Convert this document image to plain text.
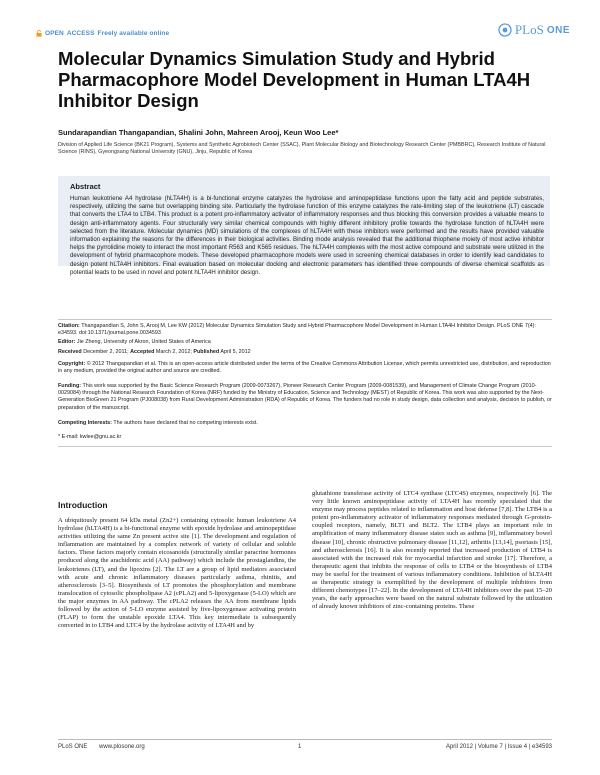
OPEN ACCESS Freely available online	PLoS ONE
Molecular Dynamics Simulation Study and Hybrid Pharmacophore Model Development in Human LTA4H Inhibitor Design
Sundarapandian Thangapandian, Shalini John, Mahreen Arooj, Keun Woo Lee*
Division of Applied Life Science (BK21 Program), Systems and Synthetic Agrobiotech Center (SSAC), Plant Molecular Biology and Biotechnology Research Center (PMBBRC), Research Institute of Natural Science (RINS), Gyeongsang National University (GNU), Jinju, Republic of Korea
Abstract
Human leukotriene A4 hydrolase (hLTA4H) is a bi-functional enzyme catalyzes the hydrolase and aminopeptidase functions upon the fatty acid and peptide substrates, respectively, utilizing the same but overlapping binding site. Particularly the hydrolase function of this enzyme catalyzes the rate-limiting step of the leukotriene (LT) cascade that converts the LTA4 to LTB4. This product is a potent pro-inflammatory activator of inflammatory responses and thus blocking this conversion provides a valuable means to design anti-inflammatory agents. Four structurally very similar chemical compounds with highly different inhibitory profile towards the hydrolase function of hLTA4H were selected from the literature. Molecular dynamics (MD) simulations of the complexes of hLTA4H with these inhibitors were performed and the results have provided valuable information explaining the reasons for the differences in their biological activities. Binding mode analysis revealed that the additional thiophene moiety of most active inhibitor helps the pyrrolidine moiety to interact the most important R563 and K565 residues. The hLTA4H complexes with the most active compound and substrate were utilized in the development of hybrid pharmacophore models. These developed pharmacophore models were used in screening chemical databases in order to identify lead candidates to design potent hLTA4H inhibitors. Final evaluation based on molecular docking and electronic parameters has identified three compounds of diverse chemical scaffolds as potential leads to be used in novel and potent hLTA4H inhibitor design.
Citation: Thangapandian S, John S, Arooj M, Lee KW (2012) Molecular Dynamics Simulation Study and Hybrid Pharmacophore Model Development in Human LTA4H Inhibitor Design. PLoS ONE 7(4): e34593. doi:10.1371/journal.pone.0034593
Editor: Jie Zheng, University of Akron, United States of America
Received December 2, 2011; Accepted March 2, 2012; Published April 5, 2012
Copyright: © 2012 Thangapandian et al. This is an open-access article distributed under the terms of the Creative Commons Attribution License, which permits unrestricted use, distribution, and reproduction in any medium, provided the original author and source are credited.
Funding: This work was supported by the Basic Science Research Program (2009-0073267), Pioneer Research Center Program (2009-0081539), and Management of Climate Change Program (2010-0029084) through the National Research Foundation of Korea (NRF) funded by the Ministry of Education, Science and Technology (MEST) of Republic of Korea. This work was also supported by the Next-Generation BioGreen 21 Program (PJ008038) from Rural Development Administration (RDA) of Republic of Korea. The funders had no role in study design, data collection and analysis, decision to publish, or preparation of the manuscript.
Competing Interests: The authors have declared that no competing interests exist.
* E-mail: kwlee@gnu.ac.kr
Introduction
A ubiquitously present 64 kDa metal (Zn2+) containing cytosolic human leukotriene A4 hydrolase (hLTA4H) is a bi-functional enzyme with epoxide hydrolase and aminopeptidase activities utilizing the same Zn present active site [1]. The development and regulation of inflammation are maintained by a complex network of variety of cellular and soluble factors. These factors majorly contain eicosanoids (structurally similar paracrine hormones produced along the arachidonic acid (AA) pathway) which include the prostaglandins, the leukotrienes (LT), and the lipoxins [2]. The LT are a group of lipid mediators associated with acute and chronic inflammatory diseases particularly asthma, rhinitis, and atherosclerosis [3–5]. Biosynthesis of LT promotes the phosphorylation and membrane translocation of cytosolic phospholipase A2 (cPLA2) and 5-lipoxygenase (5-LO) which are the major enzymes in AA pathway. The cPLA2 releases the AA from membrane lipids followed by the action of 5-LO enzyme assisted by five-lipoxygenase activating protein (FLAP) to form the unstable epoxide LTA4. This key intermediate is subsequently converted in to LTB4 and LTC4 by the hydrolase activity of LTA4H and by
glutathione transferase activity of LTC4 synthase (LTC4S) enzymes, respectively [6]. The very little known aminopeptidase activity of LTA4H has recently speculated that the enzyme may process peptides related to inflammation and host defense [7,8]. The LTB4 is a potent pro-inflammatory activator of inflammatory responses mediated through G-protein-coupled receptors, namely, BLT1 and BLT2. The LTB4 plays an important role in amplification of many inflammatory disease states such as asthma [9], inflammatory bowel disease [10], chronic obstructive pulmonary disease [11,12], arthritis [13,14], psoriasis [15], and atherosclerosis [16]. It is also recently reported that increased production of LTB4 is associated with the increased risk for myocardial infarction and stroke [17]. Therefore, a therapeutic agent that inhibits the response of cells to LTB4 or the biosynthesis of LTB4 may be useful for the treatment of various inflammatory conditions. Inhibition of hLTA4H as therapeutic strategy is exemplified by the development of multiple inhibitors from different chemotypes [17–22]. In the development of LTA4H inhibitors over the past 15–20 years, the early approaches were based on the natural substrate followed by the utilization of already known inhibitors of zinc-containing proteins. These
PLoS ONE www.plosone.org	1	April 2012 | Volume 7 | Issue 4 | e34593
